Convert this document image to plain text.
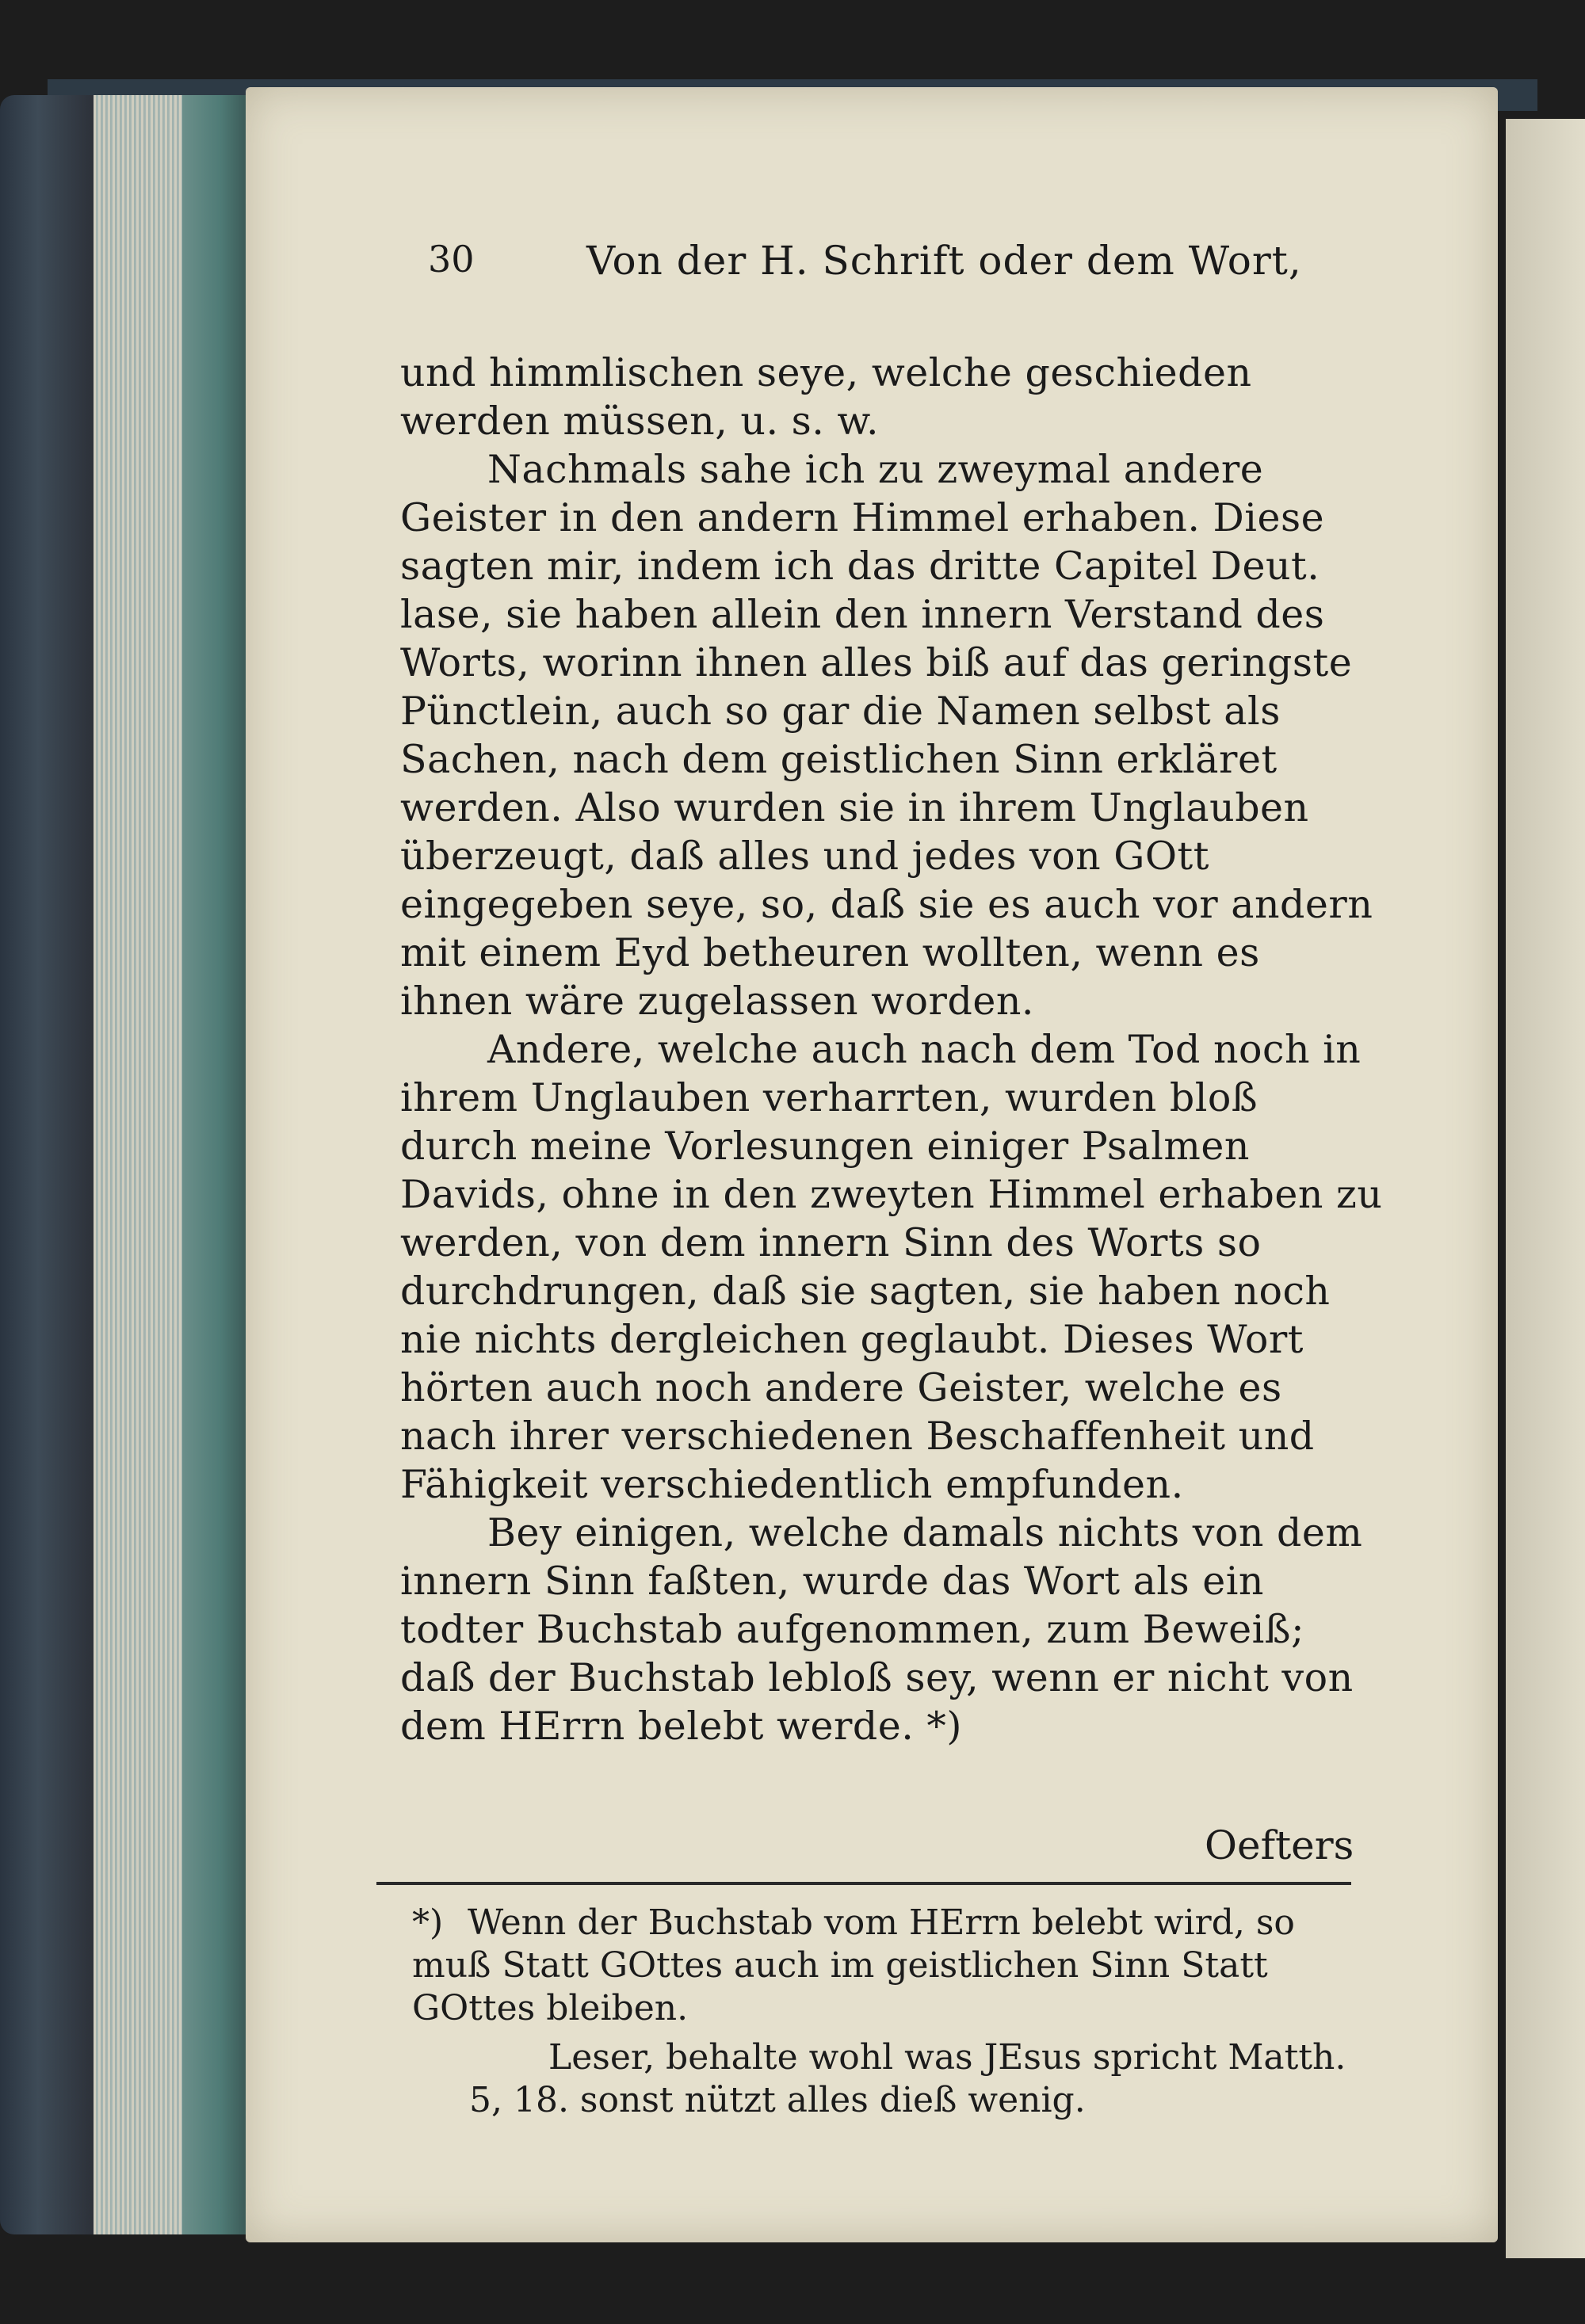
30	Von der H. Schrift oder dem Wort,

und himmlischen seye, welche geschieden werden müssen, u. s. w.

Nachmals sahe ich zu zweymal andere Geister in den andern Himmel erhaben. Diese sagten mir, indem ich das dritte Capitel Deut. lase, sie haben allein den innern Verstand des Worts, worinn ihnen alles biß auf das geringste Pünctlein, auch so gar die Namen selbst als Sachen, nach dem geistlichen Sinn erkläret werden. Also wurden sie in ihrem Unglauben überzeugt, daß alles und jedes von GOtt eingegeben seye, so, daß sie es auch vor andern mit einem Eyd betheuren wollten, wenn es ihnen wäre zugelassen worden.

Andere, welche auch nach dem Tod noch in ihrem Unglauben verharrten, wurden bloß durch meine Vorlesungen einiger Psalmen Davids, ohne in den zweyten Himmel erhaben zu werden, von dem innern Sinn des Worts so durchdrungen, daß sie sagten, sie haben noch nie nichts dergleichen geglaubt. Dieses Wort hörten auch noch andere Geister, welche es nach ihrer verschiedenen Beschaffenheit und Fähigkeit verschiedentlich empfunden.

Bey einigen, welche damals nichts von dem innern Sinn faßten, wurde das Wort als ein todter Buchstab aufgenommen, zum Beweiß; daß der Buchstab lebloß sey, wenn er nicht von dem HErrn belebt werde. *)

Oefters

*) Wenn der Buchstab vom HErrn belebt wird, so muß Statt GOttes auch im geistlichen Sinn Statt GOttes bleiben.

Leser, behalte wohl was JEsus spricht Matth. 5, 18. sonst nützt alles dieß wenig.
